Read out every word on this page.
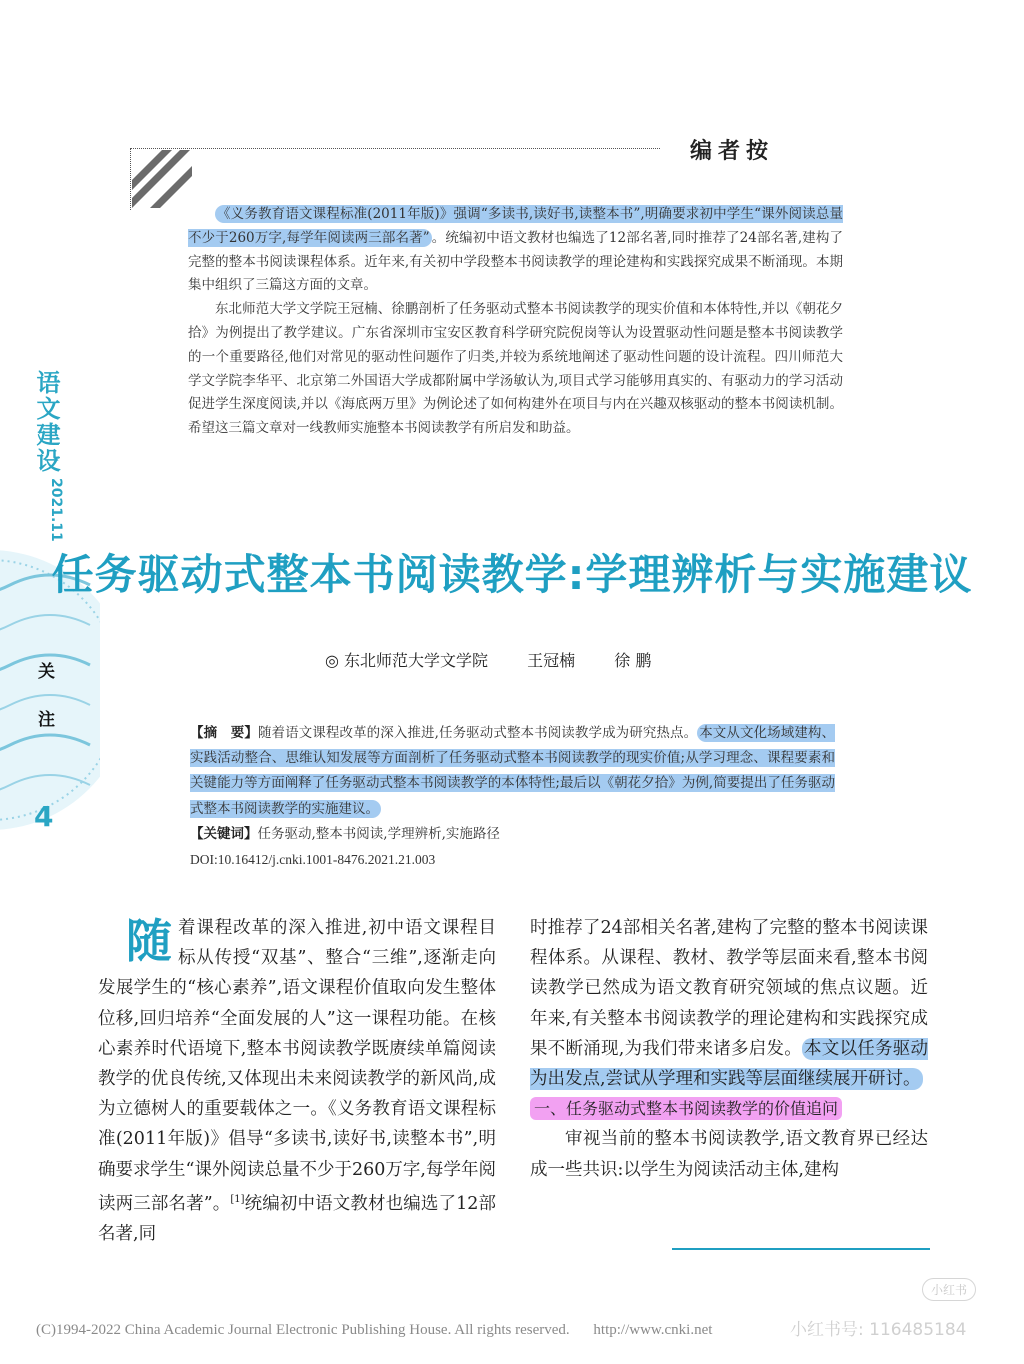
语文建设
2021.11
关注
4
编者按

《义务教育语文课程标准(2011年版)》强调“多读书,读好书,读整本书”,明确要求初中学生“课外阅读总量不少于260万字,每学年阅读两三部名著” 。统编初中语文教材也编选了12部名著,同时推荐了24部名著,建构了完整的整本书阅读课程体系。近年来,有关初中学段整本书阅读教学的理论建构和实践探究成果不断涌现。本期集中组织了三篇这方面的文章。

东北师范大学文学院王冠楠、徐鹏剖析了任务驱动式整本书阅读教学的现实价值和本体特性,并以《朝花夕拾》为例提出了教学建议。广东省深圳市宝安区教育科学研究院倪岗等认为设置驱动性问题是整本书阅读教学的一个重要路径,他们对常见的驱动性问题作了归类,并较为系统地阐述了驱动性问题的设计流程。四川师范大学文学院李华平、北京第二外国语大学成都附属中学汤敏认为,项目式学习能够用真实的、有驱动力的学习活动促进学生深度阅读,并以《海底两万里》为例论述了如何构建外在项目与内在兴趣双核驱动的整本书阅读机制。希望这三篇文章对一线教师实施整本书阅读教学有所启发和助益。

任务驱动式整本书阅读教学:学理辨析与实施建议
◎ 东北师范大学文学院 王冠楠 徐 鹏

【摘　要】随着语文课程改革的深入推进,任务驱动式整本书阅读教学成为研究热点。 本文从文化场域建构、实践活动整合、思维认知发展等方面剖析了任务驱动式整本书阅读教学的现实价值;从学习理念、课程要素和关键能力等方面阐释了任务驱动式整本书阅读教学的本体特性;最后以《朝花夕拾》为例,简要提出了任务驱动式整本书阅读教学的实施建议。

【关键词】任务驱动,整本书阅读,学理辨析,实施路径

DOI:10.16412/j.cnki.1001-8476.2021.21.003

随着课程改革的深入推进,初中语文课程目标从传授“双基”、整合“三维”,逐渐走向发展学生的“核心素养”,语文课程价值取向发生整体位移,回归培养“全面发展的人”这一课程功能。在核心素养时代语境下,整本书阅读教学既赓续单篇阅读教学的优良传统,又体现出未来阅读教学的新风尚,成为立德树人的重要载体之一。《义务教育语文课程标准(2011年版)》倡导“多读书,读好书,读整本书”,明确要求学生“课外阅读总量不少于260万字,每学年阅读两三部名著”。[1]统编初中语文教材也编选了12部名著,同

时推荐了24部相关名著,建构了完整的整本书阅读课程体系。从课程、教材、教学等层面来看,整本书阅读教学已然成为语文教育研究领域的焦点议题。近年来,有关整本书阅读教学的理论建构和实践探究成果不断涌现,为我们带来诸多启发。 本文以任务驱动为出发点,尝试从学理和实践等层面继续展开研讨。

一、任务驱动式整本书阅读教学的价值追问

审视当前的整本书阅读教学,语文教育界已经达成一些共识:以学生为阅读活动主体,建构

(C)1994-2022 China Academic Journal Electronic Publishing House. All rights reserved. http://www.cnki.net
小红书
小红书号: 116485184
